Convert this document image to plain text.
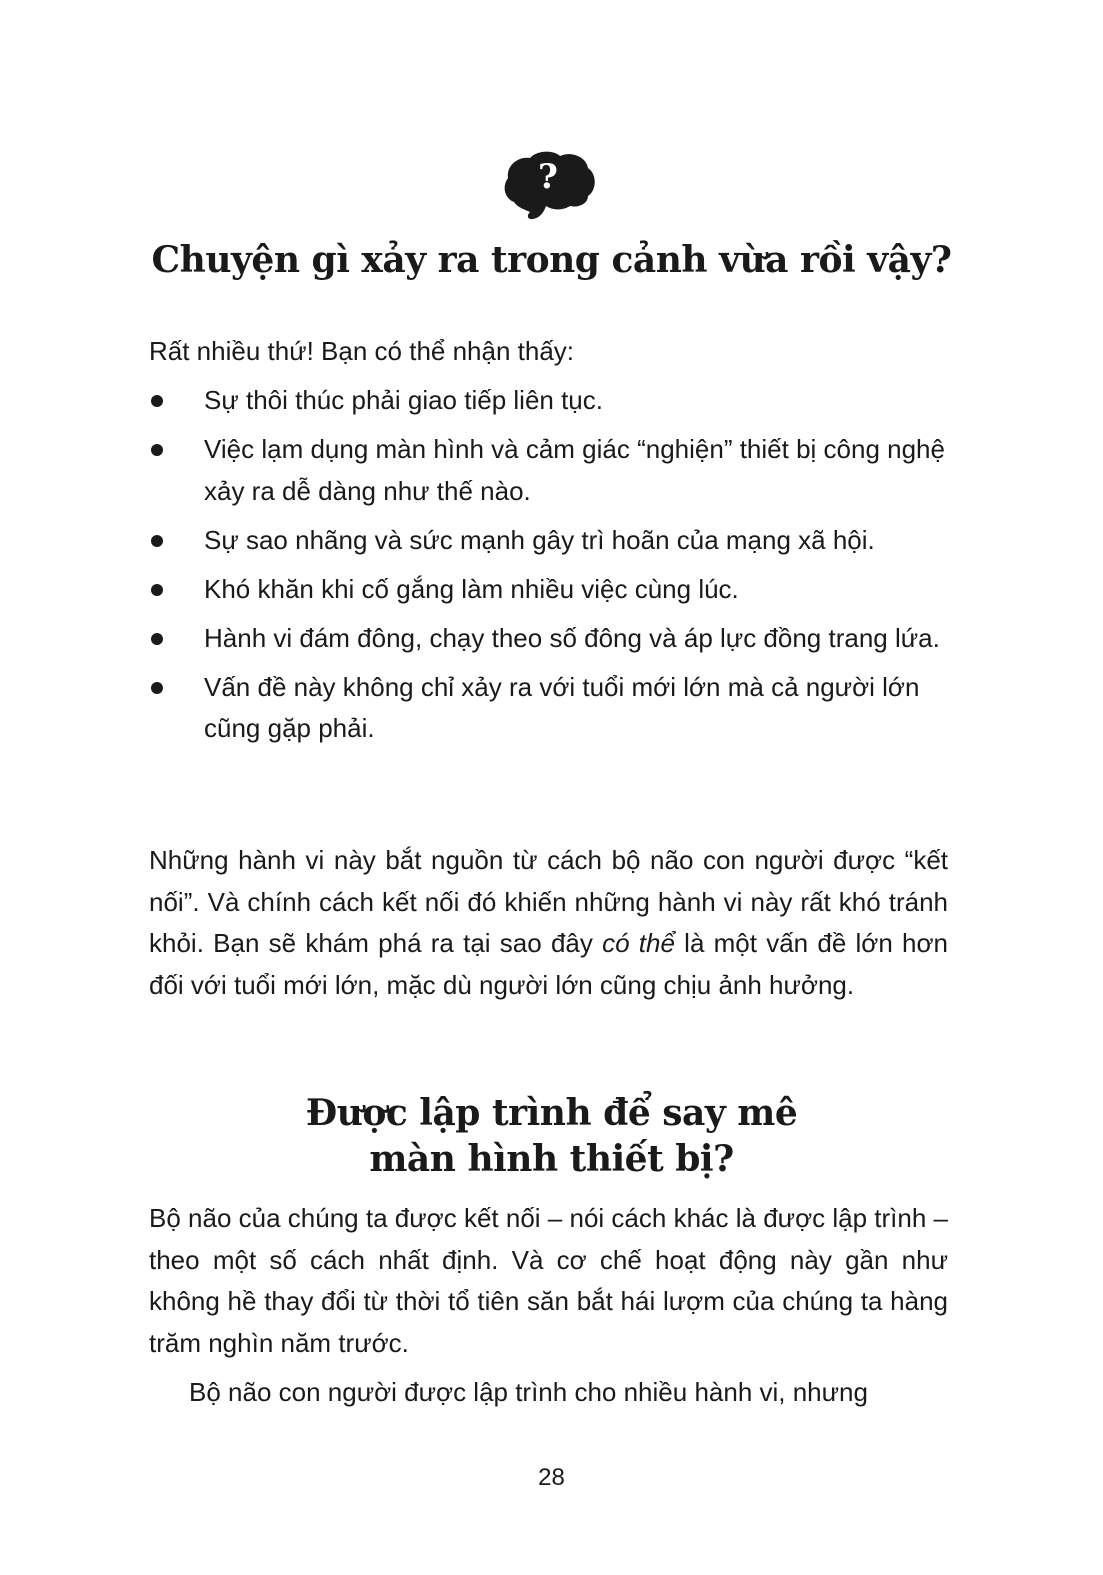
?
Chuyện gì xảy ra trong cảnh vừa rồi vậy?

Rất nhiều thứ! Bạn có thể nhận thấy:

Sự thôi thúc phải giao tiếp liên tục.
Việc lạm dụng màn hình và cảm giác “nghiện” thiết bị công nghệ xảy ra dễ dàng như thế nào.
Sự sao nhãng và sức mạnh gây trì hoãn của mạng xã hội.
Khó khăn khi cố gắng làm nhiều việc cùng lúc.
Hành vi đám đông, chạy theo số đông và áp lực đồng trang lứa.
Vấn đề này không chỉ xảy ra với tuổi mới lớn mà cả người lớn cũng gặp phải.

Những hành vi này bắt nguồn từ cách bộ não con người được “kết nối”. Và chính cách kết nối đó khiến những hành vi này rất khó tránh khỏi. Bạn sẽ khám phá ra tại sao đây có thể là một vấn đề lớn hơn đối với tuổi mới lớn, mặc dù người lớn cũng chịu ảnh hưởng.

Được lập trình để say mê
màn hình thiết bị?

Bộ não của chúng ta được kết nối – nói cách khác là được lập trình – theo một số cách nhất định. Và cơ chế hoạt động này gần như không hề thay đổi từ thời tổ tiên săn bắt hái lượm của chúng ta hàng trăm nghìn năm trước.

Bộ não con người được lập trình cho nhiều hành vi, nhưng

28
